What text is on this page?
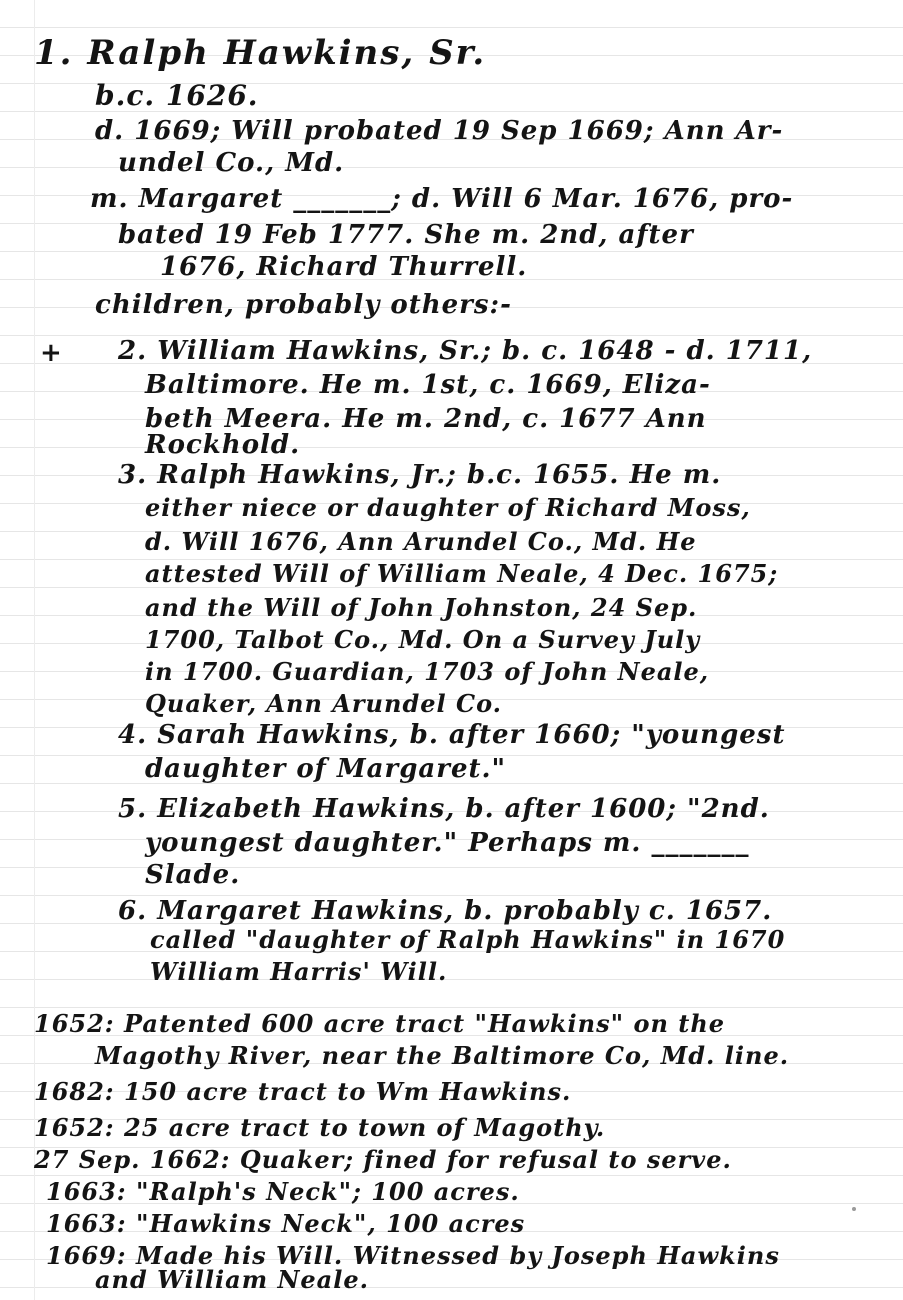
1. Ralph Hawkins, Sr.
b.c. 1626.
d. 1669; Will probated 19 Sep 1669; Ann Ar-
undel Co., Md.
m. Margaret _______; d. Will 6 Mar. 1676, pro-
bated 19 Feb 1777. She m. 2nd, after
1676, Richard Thurrell.
children, probably others:-
+ 2. William Hawkins, Sr.; b. c. 1648 - d. 1711,
Baltimore. He m. 1st, c. 1669, Eliza-
beth Meera. He m. 2nd, c. 1677 Ann
Rockhold.
3. Ralph Hawkins, Jr.; b.c. 1655. He m.
either niece or daughter of Richard Moss,
d. Will 1676, Ann Arundel Co., Md. He
attested Will of William Neale, 4 Dec. 1675;
and the Will of John Johnston, 24 Sep.
1700, Talbot Co., Md. On a Survey July
in 1700. Guardian, 1703 of John Neale,
Quaker, Ann Arundel Co.
4. Sarah Hawkins, b. after 1660; "youngest
daughter of Margaret."
5. Elizabeth Hawkins, b. after 1600; "2nd.
youngest daughter." Perhaps m. _______
Slade.
6. Margaret Hawkins, b. probably c. 1657.
called "daughter of Ralph Hawkins" in 1670
William Harris' Will.
1652: Patented 600 acre tract "Hawkins" on the
Magothy River, near the Baltimore Co, Md. line.
1682: 150 acre tract to Wm Hawkins.
1652: 25 acre tract to town of Magothy.
27 Sep. 1662: Quaker; fined for refusal to serve.
1663: "Ralph's Neck"; 100 acres.
1663: "Hawkins Neck", 100 acres
1669: Made his Will. Witnessed by Joseph Hawkins
and William Neale.
